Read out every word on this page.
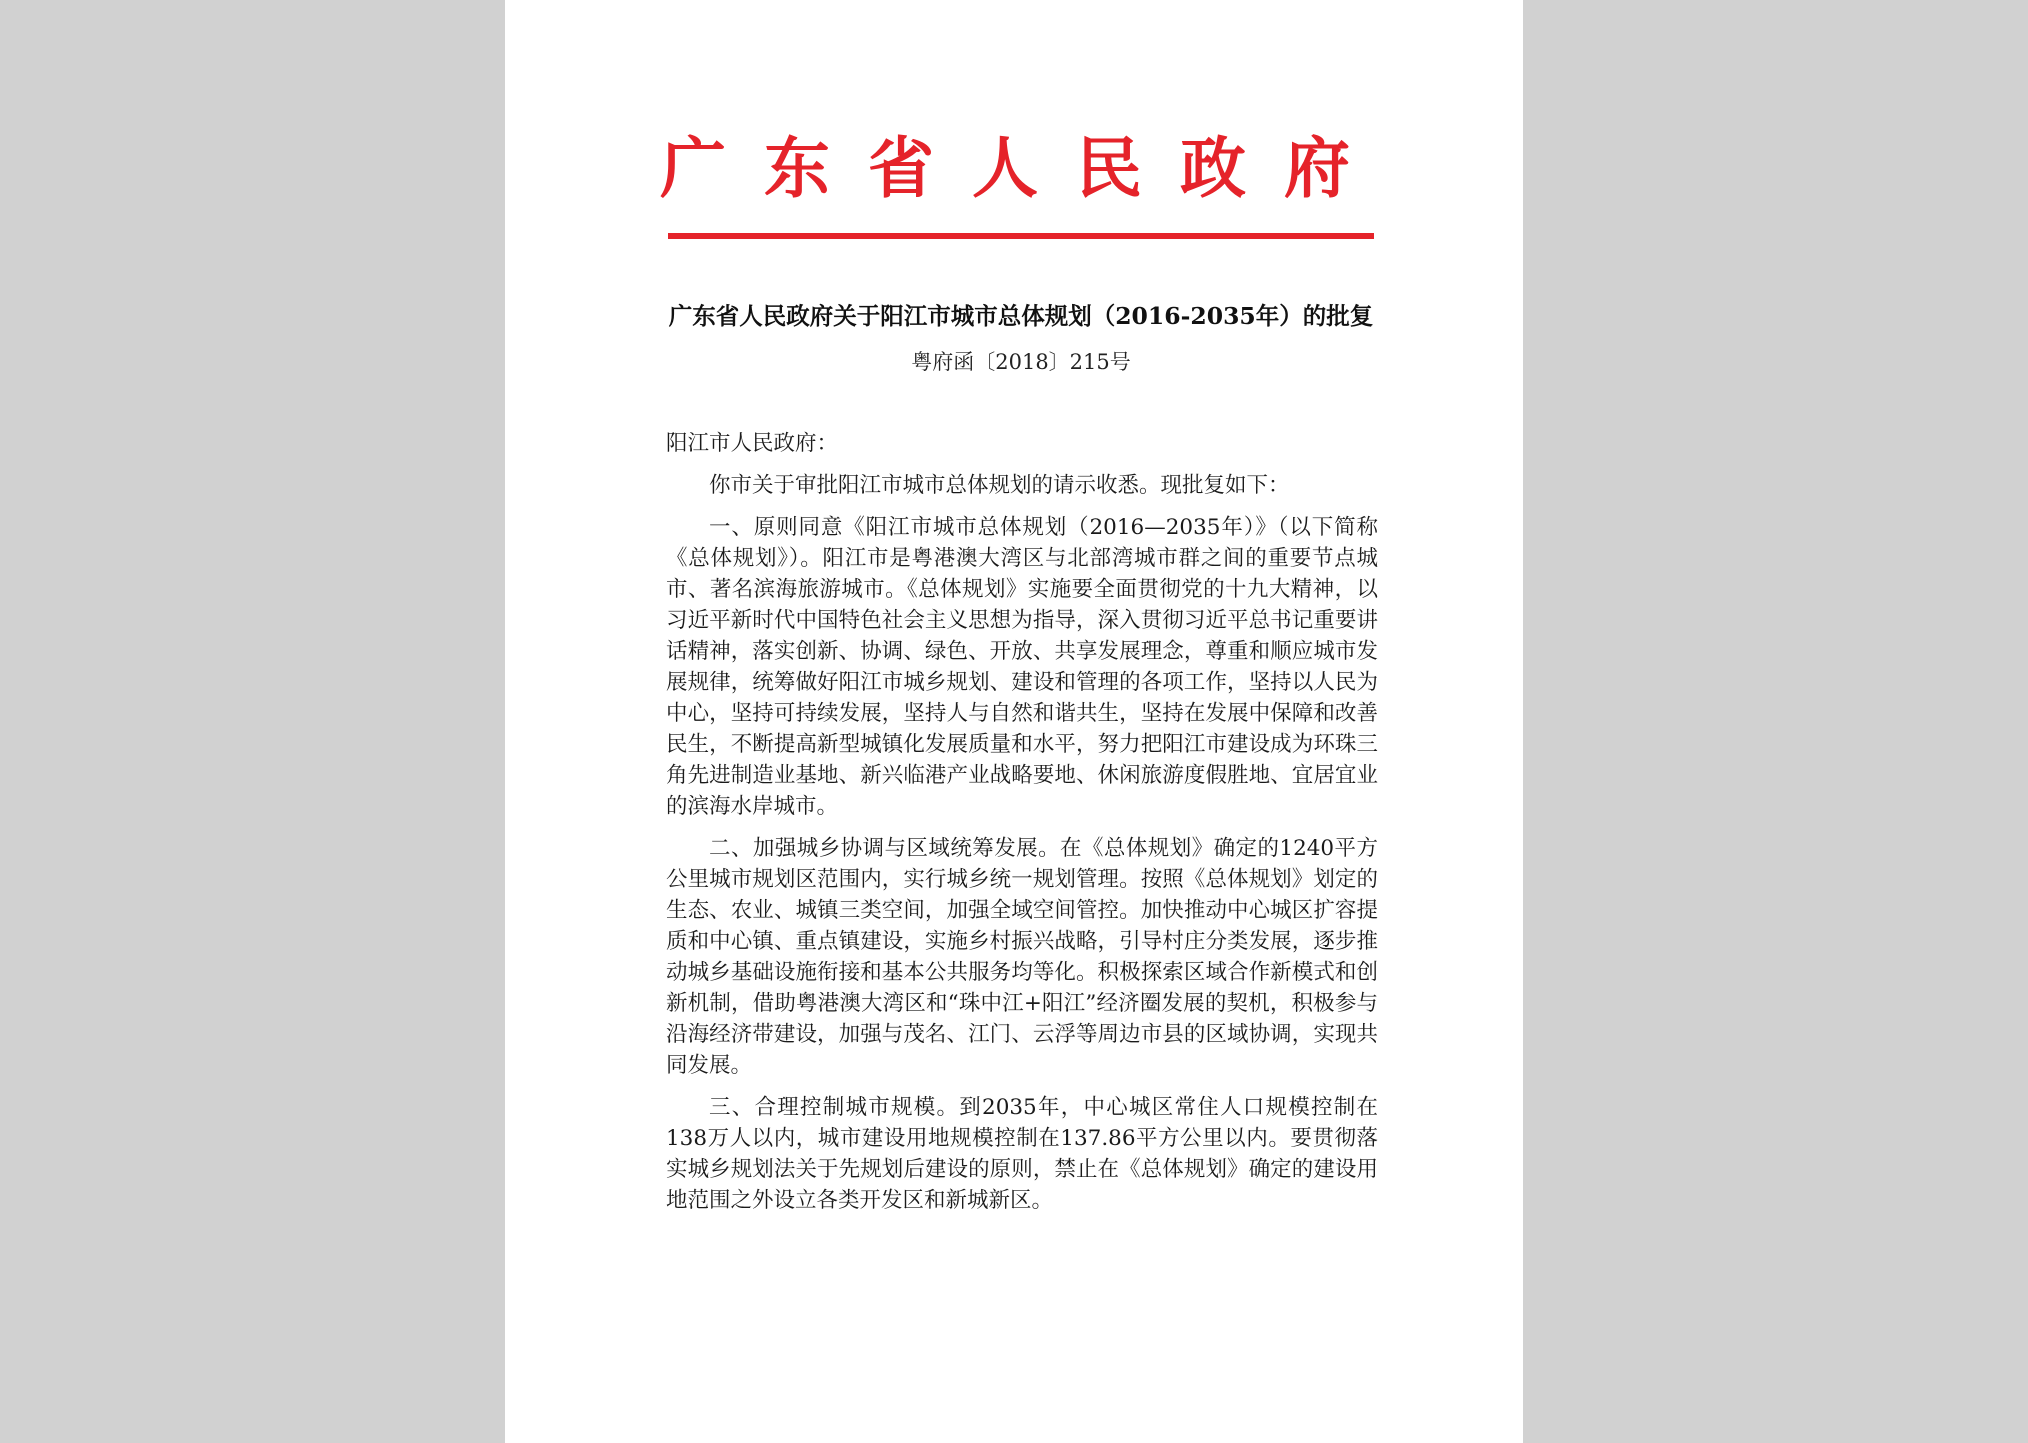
广东省人民政府
广东省人民政府关于阳江市城市总体规划（2016-2035年）的批复
粤府函〔2018〕215号

阳江市人民政府：

你市关于审批阳江市城市总体规划的请示收悉。现批复如下：

一、原则同意《阳江市城市总体规划（2016—2035年）》（以下简称《总体规划》）。阳江市是粤港澳大湾区与北部湾城市群之间的重要节点城市、著名滨海旅游城市。《总体规划》实施要全面贯彻党的十九大精神，以习近平新时代中国特色社会主义思想为指导，深入贯彻习近平总书记重要讲话精神，落实创新、协调、绿色、开放、共享发展理念，尊重和顺应城市发展规律，统筹做好阳江市城乡规划、建设和管理的各项工作，坚持以人民为中心，坚持可持续发展，坚持人与自然和谐共生，坚持在发展中保障和改善民生，不断提高新型城镇化发展质量和水平，努力把阳江市建设成为环珠三角先进制造业基地、新兴临港产业战略要地、休闲旅游度假胜地、宜居宜业的滨海水岸城市。

二、加强城乡协调与区域统筹发展。在《总体规划》确定的1240平方公里城市规划区范围内，实行城乡统一规划管理。按照《总体规划》划定的生态、农业、城镇三类空间，加强全域空间管控。加快推动中心城区扩容提质和中心镇、重点镇建设，实施乡村振兴战略，引导村庄分类发展，逐步推动城乡基础设施衔接和基本公共服务均等化。积极探索区域合作新模式和创新机制，借助粤港澳大湾区和“珠中江+阳江”经济圈发展的契机，积极参与沿海经济带建设，加强与茂名、江门、云浮等周边市县的区域协调，实现共同发展。

三、合理控制城市规模。到2035年，中心城区常住人口规模控制在138万人以内，城市建设用地规模控制在137.86平方公里以内。要贯彻落实城乡规划法关于先规划后建设的原则，禁止在《总体规划》确定的建设用地范围之外设立各类开发区和新城新区。
